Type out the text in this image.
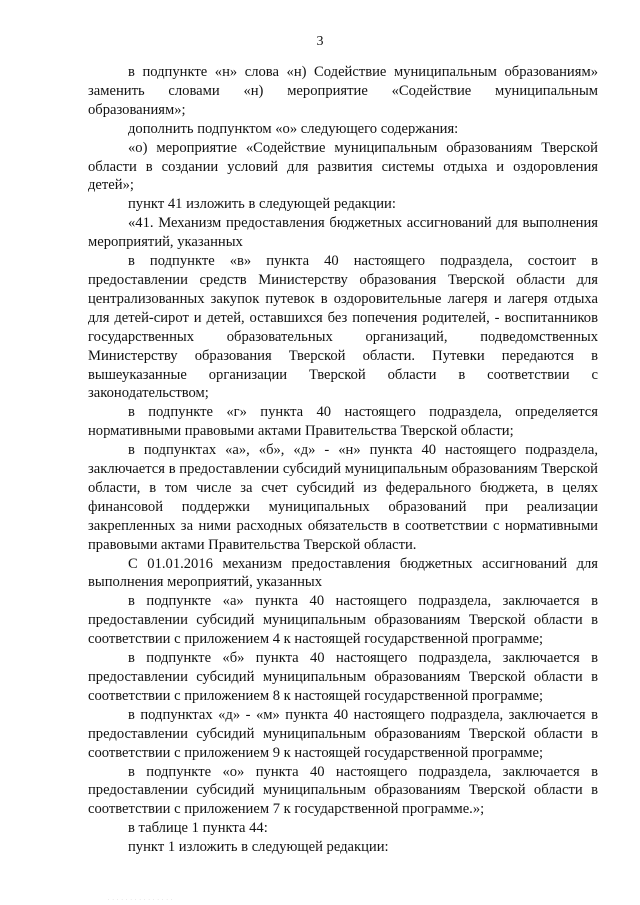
3

в подпункте «н» слова «н) Содействие муниципальным образованиям» заменить словами «н) мероприятие «Содействие муниципальным образованиям»;

дополнить подпунктом «о» следующего содержания:

«о) мероприятие «Содействие муниципальным образованиям Тверской области в создании условий для развития системы отдыха и оздоровления детей»;

пункт 41 изложить в следующей редакции:

«41. Механизм предоставления бюджетных ассигнований для выполнения мероприятий, указанных

в подпункте «в» пункта 40 настоящего подраздела, состоит в предоставлении средств Министерству образования Тверской области для централизованных закупок путевок в оздоровительные лагеря и лагеря отдыха для детей-сирот и детей, оставшихся без попечения родителей, - воспитанников государственных образовательных организаций, подведомственных Министерству образования Тверской области. Путевки передаются в вышеуказанные организации Тверской области в соответствии с законодательством;

в подпункте «г» пункта 40 настоящего подраздела, определяется нормативными правовыми актами Правительства Тверской области;

в подпунктах «а», «б», «д» - «н» пункта 40 настоящего подраздела, заключается в предоставлении субсидий муниципальным образованиям Тверской области, в том числе за счет субсидий из федерального бюджета, в целях финансовой поддержки муниципальных образований при реализации закрепленных за ними расходных обязательств в соответствии с нормативными правовыми актами Правительства Тверской области.

С 01.01.2016 механизм предоставления бюджетных ассигнований для выполнения мероприятий, указанных

в подпункте «а» пункта 40 настоящего подраздела, заключается в предоставлении субсидий муниципальным образованиям Тверской области в соответствии с приложением 4 к настоящей государственной программе;

в подпункте «б» пункта 40 настоящего подраздела, заключается в предоставлении субсидий муниципальным образованиям Тверской области в соответствии с приложением 8 к настоящей государственной программе;

в подпунктах «д» - «м» пункта 40 настоящего подраздела, заключается в предоставлении субсидий муниципальным образованиям Тверской области в соответствии с приложением 9 к настоящей государственной программе;

в подпункте «о» пункта 40 настоящего подраздела, заключается в предоставлении субсидий муниципальным образованиям Тверской области в соответствии с приложением 7 к государственной программе.»;

в таблице 1 пункта 44:

пункт 1 изложить в следующей редакции:

. . . . . . . . . . . . . . .
